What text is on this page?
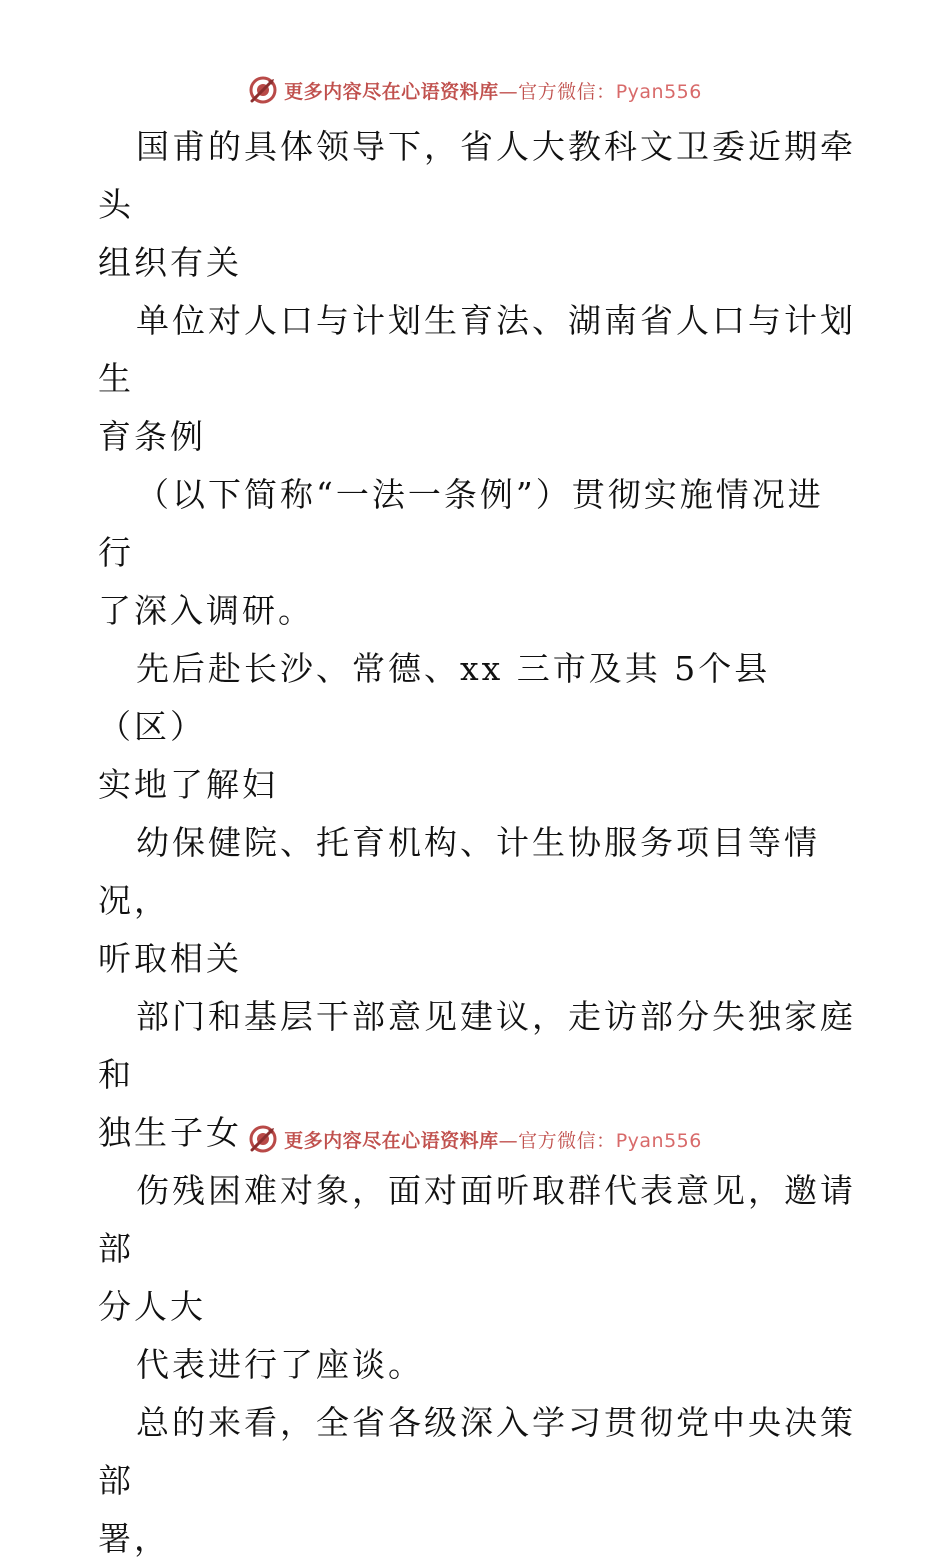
更多内容尽在心语资料库—官方微信：Pyan556

国甫的具体领导下，省人大教科文卫委近期牵头
组织有关

单位对人口与计划生育法、湖南省人口与计划生
育条例

（以下简称“一法一条例”）贯彻实施情况进行
了深入调研。

先后赴长沙、常德、xx 三市及其 5个县（区）
实地了解妇

幼保健院、托育机构、计生协服务项目等情况，
听取相关

部门和基层干部意见建议，走访部分失独家庭和
独生子女

伤残困难对象，面对面听取群代表意见，邀请部
分人大

代表进行了座谈。

总的来看，全省各级深入学习贯彻党中央决策部
署，

更多内容尽在心语资料库—官方微信：Pyan556
